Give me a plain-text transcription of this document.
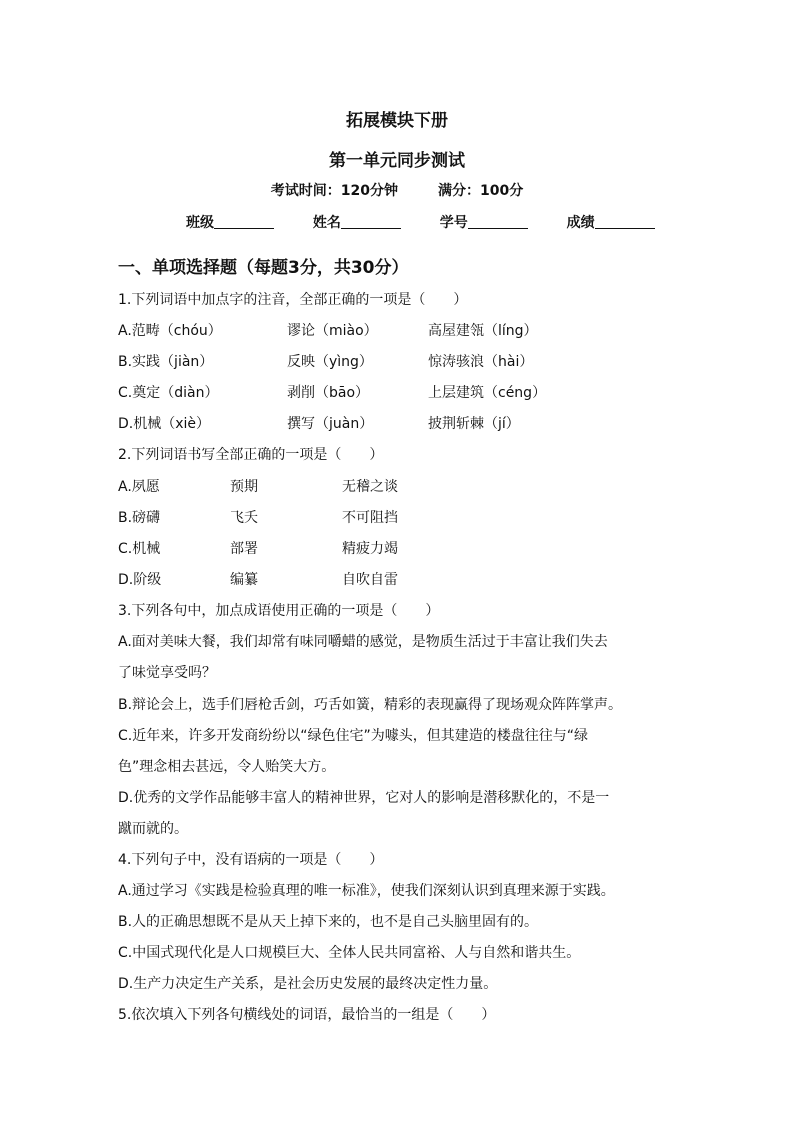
拓展模块下册
第一单元同步测试
考试时间：120分钟	满分：100分
班级	姓名	学号	成绩
一、单项选择题（每题3分，共30分）
1.下列词语中加点字的注音，全部正确的一项是（　　）
A.范畴（chóu）	谬论（miào）	高屋建瓴（líng）
B.实践（jiàn）	反映（yìng）	惊涛骇浪（hài）
C.奠定（diàn）	剥削（bāo）	上层建筑（céng）
D.机械（xiè）	撰写（juàn）	披荆斩棘（jí）
2.下列词语书写全部正确的一项是（　　）
A.夙愿	预期	无稽之谈
B.磅礴	飞夭	不可阻挡
C.机械	部署	精疲力竭
D.阶级	编纂	自吹自雷
3.下列各句中，加点成语使用正确的一项是（　　）
A.面对美味大餐，我们却常有味同嚼蜡的感觉，是物质生活过于丰富让我们失去
了味觉享受吗？
B.辩论会上，选手们唇枪舌剑，巧舌如簧，精彩的表现赢得了现场观众阵阵掌声。
C.近年来，许多开发商纷纷以“绿色住宅”为噱头，但其建造的楼盘往往与“绿
色”理念相去甚远，令人贻笑大方。
D.优秀的文学作品能够丰富人的精神世界，它对人的影响是潜移默化的，不是一
蹴而就的。
4.下列句子中，没有语病的一项是（　　）
A.通过学习《实践是检验真理的唯一标准》，使我们深刻认识到真理来源于实践。
B.人的正确思想既不是从天上掉下来的，也不是自己头脑里固有的。
C.中国式现代化是人口规模巨大、全体人民共同富裕、人与自然和谐共生。
D.生产力决定生产关系，是社会历史发展的最终决定性力量。
5.依次填入下列各句横线处的词语，最恰当的一组是（　　）
